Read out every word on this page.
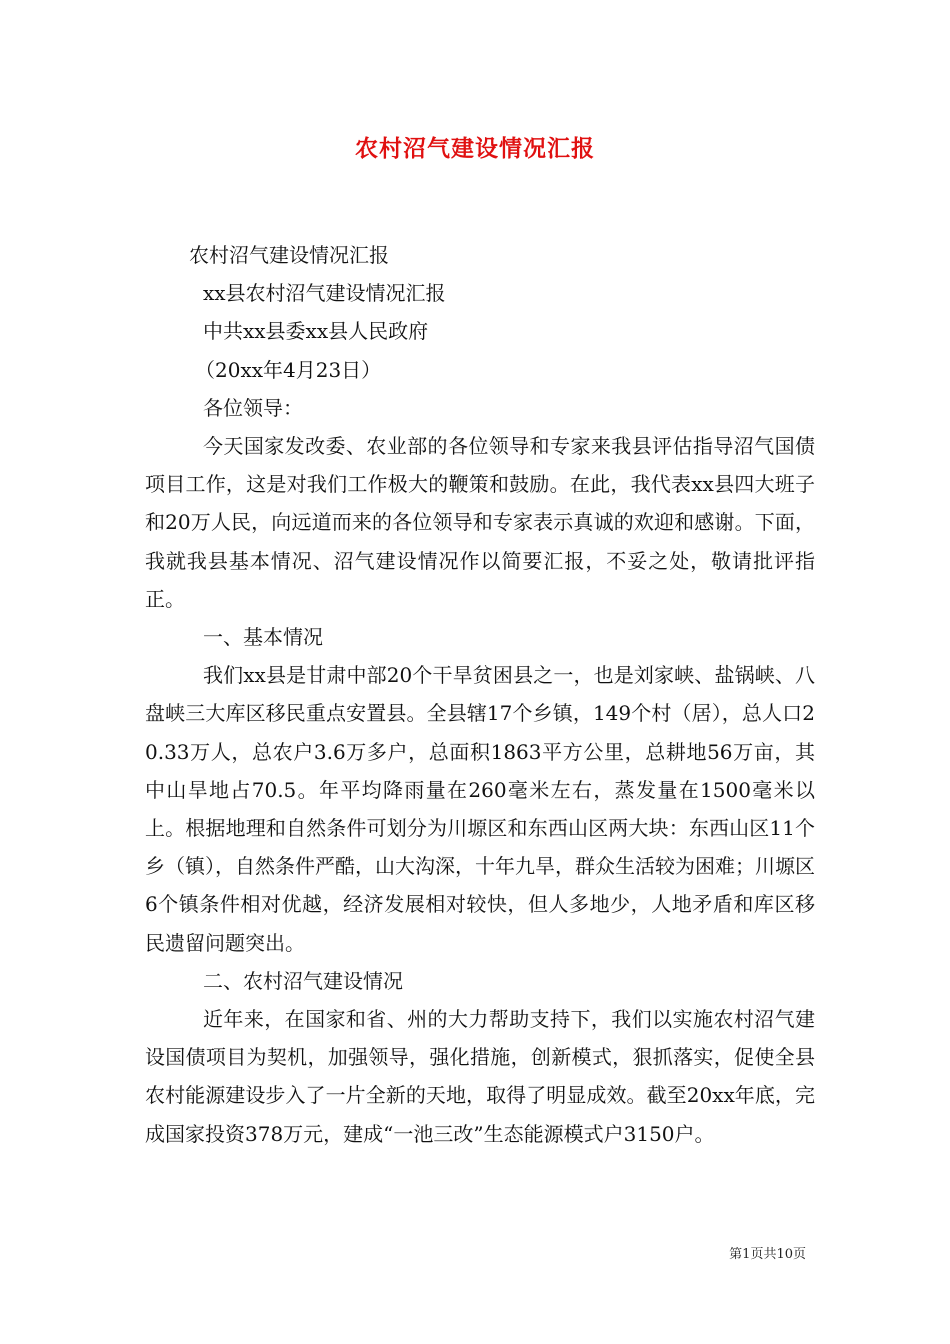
农村沼气建设情况汇报

农村沼气建设情况汇报

xx县农村沼气建设情况汇报

中共xx县委xx县人民政府

（20xx年4月23日）

各位领导：

今天国家发改委、农业部的各位领导和专家来我县评估指导沼气国债项目工作，这是对我们工作极大的鞭策和鼓励。在此，我代表xx县四大班子和20万人民，向远道而来的各位领导和专家表示真诚的欢迎和感谢。下面，我就我县基本情况、沼气建设情况作以简要汇报，不妥之处，敬请批评指正。

一、基本情况

我们xx县是甘肃中部20个干旱贫困县之一，也是刘家峡、盐锅峡、八盘峡三大库区移民重点安置县。全县辖17个乡镇，149个村（居），总人口20.33万人，总农户3.6万多户，总面积1863平方公里，总耕地56万亩，其中山旱地占70.5。年平均降雨量在260毫米左右，蒸发量在1500毫米以上。根据地理和自然条件可划分为川塬区和东西山区两大块：东西山区11个乡（镇），自然条件严酷，山大沟深，十年九旱，群众生活较为困难；川塬区6个镇条件相对优越，经济发展相对较快，但人多地少，人地矛盾和库区移民遗留问题突出。

二、农村沼气建设情况

近年来，在国家和省、州的大力帮助支持下，我们以实施农村沼气建设国债项目为契机，加强领导，强化措施，创新模式，狠抓落实，促使全县农村能源建设步入了一片全新的天地，取得了明显成效。截至20xx年底，完成国家投资378万元，建成“一池三改”生态能源模式户3150户。

第1页共10页
